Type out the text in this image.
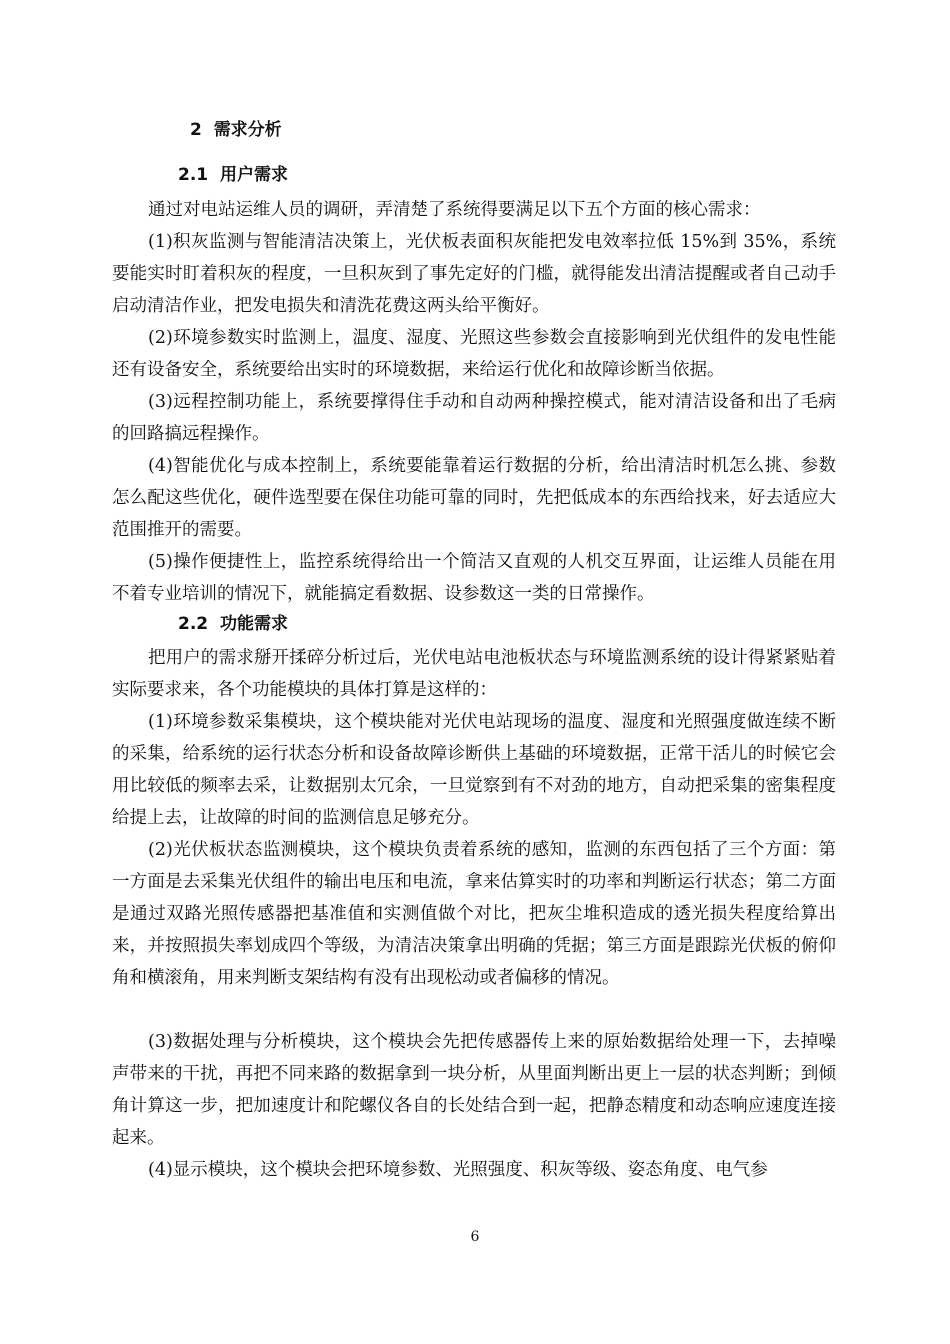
2 需求分析
2.1 用户需求
通过对电站运维人员的调研，弄清楚了系统得要满足以下五个方面的核心需求：
(1)积灰监测与智能清洁决策上，光伏板表面积灰能把发电效率拉低 15%到 35%，系统要能实时盯着积灰的程度，一旦积灰到了事先定好的门槛，就得能发出清洁提醒或者自己动手启动清洁作业，把发电损失和清洗花费这两头给平衡好。
(2)环境参数实时监测上，温度、湿度、光照这些参数会直接影响到光伏组件的发电性能还有设备安全，系统要给出实时的环境数据，来给运行优化和故障诊断当依据。
(3)远程控制功能上，系统要撑得住手动和自动两种操控模式，能对清洁设备和出了毛病的回路搞远程操作。
(4)智能优化与成本控制上，系统要能靠着运行数据的分析，给出清洁时机怎么挑、参数怎么配这些优化，硬件选型要在保住功能可靠的同时，先把低成本的东西给找来，好去适应大范围推开的需要。
(5)操作便捷性上，监控系统得给出一个简洁又直观的人机交互界面，让运维人员能在用不着专业培训的情况下，就能搞定看数据、设参数这一类的日常操作。
2.2 功能需求
把用户的需求掰开揉碎分析过后，光伏电站电池板状态与环境监测系统的设计得紧紧贴着实际要求来，各个功能模块的具体打算是这样的：
(1)环境参数采集模块，这个模块能对光伏电站现场的温度、湿度和光照强度做连续不断的采集，给系统的运行状态分析和设备故障诊断供上基础的环境数据，正常干活儿的时候它会用比较低的频率去采，让数据别太冗余，一旦觉察到有不对劲的地方，自动把采集的密集程度给提上去，让故障的时间的监测信息足够充分。
(2)光伏板状态监测模块，这个模块负责着系统的感知，监测的东西包括了三个方面：第一方面是去采集光伏组件的输出电压和电流，拿来估算实时的功率和判断运行状态；第二方面是通过双路光照传感器把基准值和实测值做个对比，把灰尘堆积造成的透光损失程度给算出来，并按照损失率划成四个等级，为清洁决策拿出明确的凭据；第三方面是跟踪光伏板的俯仰角和横滚角，用来判断支架结构有没有出现松动或者偏移的情况。
(3)数据处理与分析模块，这个模块会先把传感器传上来的原始数据给处理一下，去掉噪声带来的干扰，再把不同来路的数据拿到一块分析，从里面判断出更上一层的状态判断；到倾角计算这一步，把加速度计和陀螺仪各自的长处结合到一起，把静态精度和动态响应速度连接起来。
(4)显示模块，这个模块会把环境参数、光照强度、积灰等级、姿态角度、电气参
6
